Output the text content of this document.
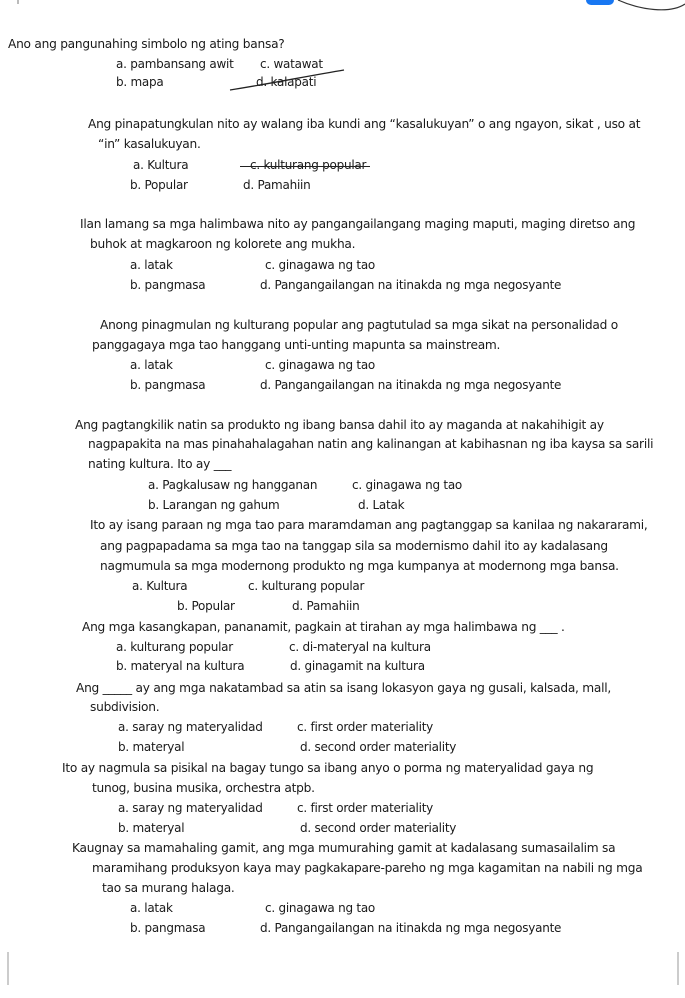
Ano ang pangunahing simbolo ng ating bansa?
a. pambansang awit c. watawat
b. mapa	d. kalapati
Ang pinapatungkulan nito ay walang iba kundi ang “kasalukuyan” o ang ngayon, sikat , uso at
“in” kasalukuyan.
a. Kultura	c. kulturang popular
b. Popular	d. Pamahiin
Ilan lamang sa mga halimbawa nito ay pangangailangang maging maputi, maging diretso ang
buhok at magkaroon ng kolorete ang mukha.
a. latak	c. ginagawa ng tao
b. pangmasa	d. Pangangailangan na itinakda ng mga negosyante
Anong pinagmulan ng kulturang popular ang pagtutulad sa mga sikat na personalidad o
panggagaya mga tao hanggang unti-unting mapunta sa mainstream.
a. latak	c. ginagawa ng tao
b. pangmasa	d. Pangangailangan na itinakda ng mga negosyante
Ang pagtangkilik natin sa produkto ng ibang bansa dahil ito ay maganda at nakahihigit ay
nagpapakita na mas pinahahalagahan natin ang kalinangan at kabihasnan ng iba kaysa sa sarili
nating kultura. Ito ay ___
a. Pagkalusaw ng hangganan	c. ginagawa ng tao
b. Larangan ng gahum	d. Latak
Ito ay isang paraan ng mga tao para maramdaman ang pagtanggap sa kanilaa ng nakararami,
ang pagpapadama sa mga tao na tanggap sila sa modernismo dahil ito ay kadalasang
nagmumula sa mga modernong produkto ng mga kumpanya at modernong mga bansa.
a. Kultura	c. kulturang popular
b. Popular	d. Pamahiin
Ang mga kasangkapan, pananamit, pagkain at tirahan ay mga halimbawa ng ___ .
a. kulturang popular	c. di-materyal na kultura
b. materyal na kultura	d. ginagamit na kultura
Ang _____ ay ang mga nakatambad sa atin sa isang lokasyon gaya ng gusali, kalsada, mall,
subdivision.
a. saray ng materyalidad	c. first order materiality
b. materyal	d. second order materiality
Ito ay nagmula sa pisikal na bagay tungo sa ibang anyo o porma ng materyalidad gaya ng
tunog, busina musika, orchestra atpb.
a. saray ng materyalidad	c. first order materiality
b. materyal	d. second order materiality
Kaugnay sa mamahaling gamit, ang mga mumurahing gamit at kadalasang sumasailalim sa
maramihang produksyon kaya may pagkakapare-pareho ng mga kagamitan na nabili ng mga
tao sa murang halaga.
a. latak	c. ginagawa ng tao
b. pangmasa	d. Pangangailangan na itinakda ng mga negosyante
